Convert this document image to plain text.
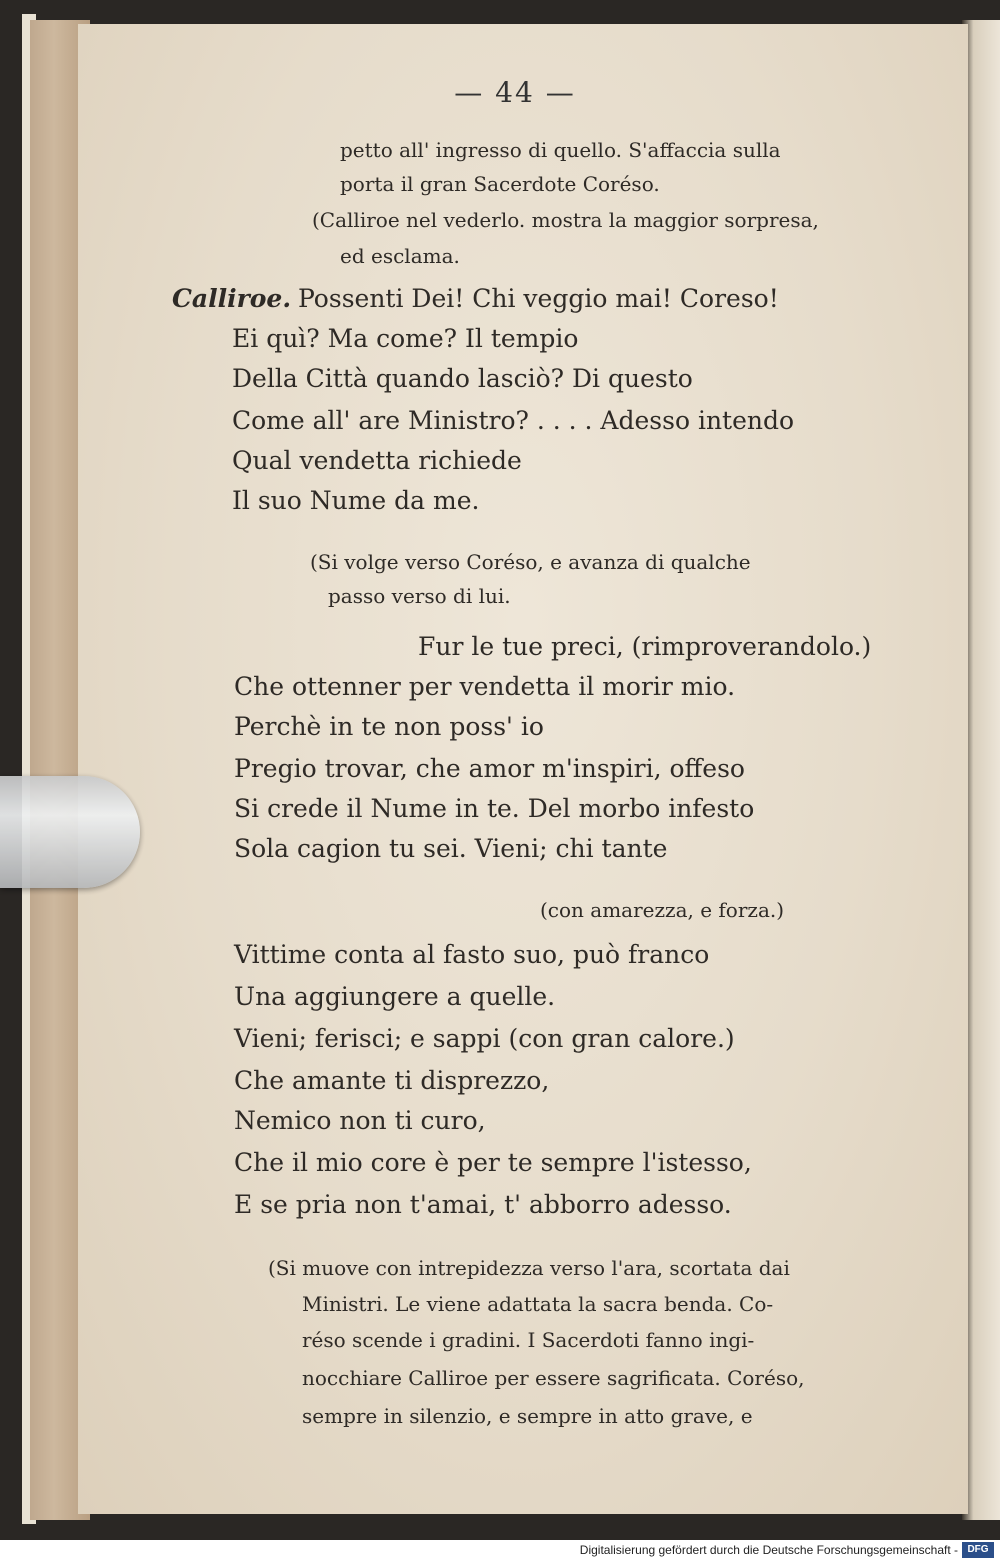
— 44 —
petto all' ingresso di quello. S'affaccia sulla
porta il gran Sacerdote Coréso.
(Calliroe nel vederlo. mostra la maggior sorpresa,
ed esclama.
Calliroe. Possenti Dei! Chi veggio mai! Coreso!
Ei quì? Ma come? Il tempio
Della Città quando lasciò? Di questo
Come all' are Ministro? . . . . Adesso intendo
Qual vendetta richiede
Il suo Nume da me.
(Si volge verso Coréso, e avanza di qualche
passo verso di lui.
Fur le tue preci, (rimproverandolo.)
Che ottenner per vendetta il morir mio.
Perchè in te non poss' io
Pregio trovar, che amor m'inspiri, offeso
Si crede il Nume in te. Del morbo infesto
Sola cagion tu sei. Vieni; chi tante
(con amarezza, e forza.)
Vittime conta al fasto suo, può franco
Una aggiungere a quelle.
Vieni; ferisci; e sappi (con gran calore.)
Che amante ti disprezzo,
Nemico non ti curo,
Che il mio core è per te sempre l'istesso,
E se pria non t'amai, t' abborro adesso.
(Si muove con intrepidezza verso l'ara, scortata dai
Ministri. Le viene adattata la sacra benda. Co-
réso scende i gradini. I Sacerdoti fanno ingi-
nocchiare Calliroe per essere sagrificata. Coréso,
sempre in silenzio, e sempre in atto grave, e
Digitalisierung gefördert durch die Deutsche Forschungsgemeinschaft - DFG
